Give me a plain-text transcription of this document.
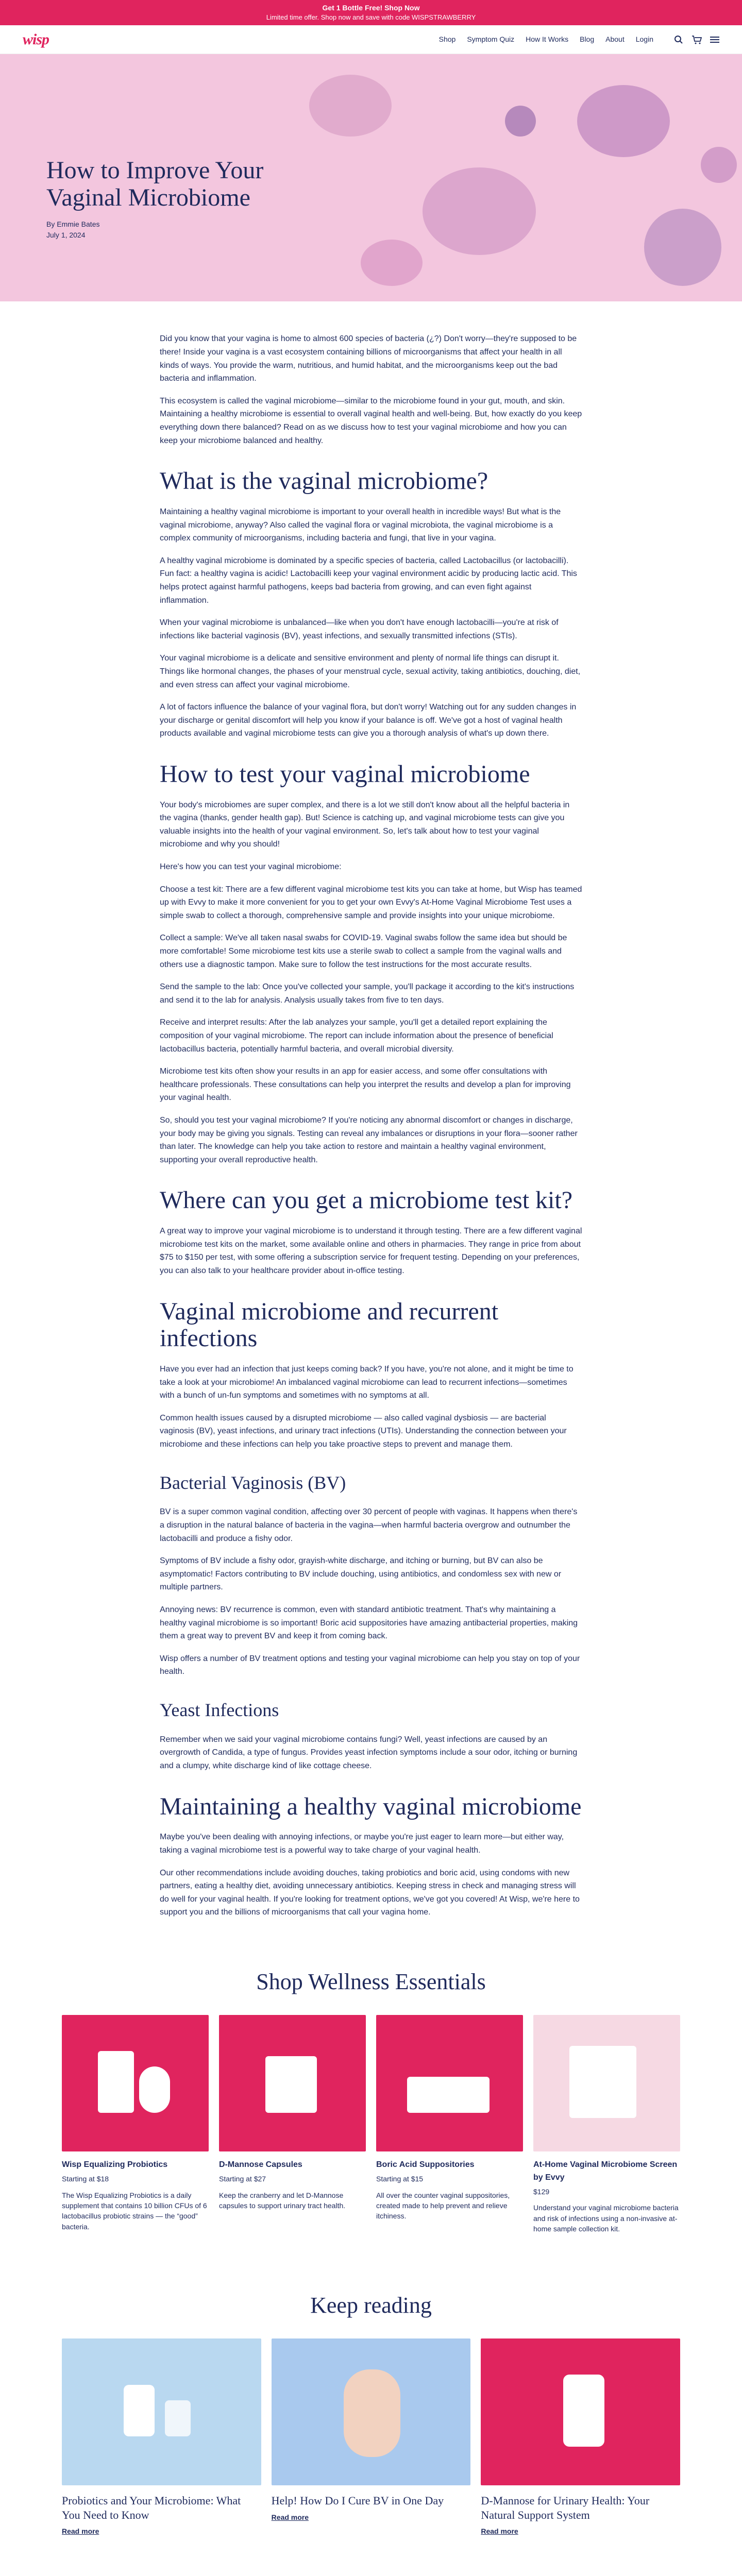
Get 1 Bottle Free! Shop Now
Limited time offer. Shop now and save with code WISPSTRAWBERRY
wisp	Shop Symptom Quiz How It Works Blog About Login
How to Improve Your Vaginal Microbiome
By Emmie Bates
July 1, 2024

Did you know that your vagina is home to almost 600 species of bacteria (¿?) Don't worry—they're supposed to be there! Inside your vagina is a vast ecosystem containing billions of microorganisms that affect your health in all kinds of ways. You provide the warm, nutritious, and humid habitat, and the microorganisms keep out the bad bacteria and inflammation.

This ecosystem is called the vaginal microbiome—similar to the microbiome found in your gut, mouth, and skin. Maintaining a healthy microbiome is essential to overall vaginal health and well-being. But, how exactly do you keep everything down there balanced? Read on as we discuss how to test your vaginal microbiome and how you can keep your microbiome balanced and healthy.

What is the vaginal microbiome?

Maintaining a healthy vaginal microbiome is important to your overall health in incredible ways! But what is the vaginal microbiome, anyway? Also called the vaginal flora or vaginal microbiota, the vaginal microbiome is a complex community of microorganisms, including bacteria and fungi, that live in your vagina.

A healthy vaginal microbiome is dominated by a specific species of bacteria, called Lactobacillus (or lactobacilli). Fun fact: a healthy vagina is acidic! Lactobacilli keep your vaginal environment acidic by producing lactic acid. This helps protect against harmful pathogens, keeps bad bacteria from growing, and can even fight against inflammation.

When your vaginal microbiome is unbalanced—like when you don't have enough lactobacilli—you're at risk of infections like bacterial vaginosis (BV), yeast infections, and sexually transmitted infections (STIs).

Your vaginal microbiome is a delicate and sensitive environment and plenty of normal life things can disrupt it. Things like hormonal changes, the phases of your menstrual cycle, sexual activity, taking antibiotics, douching, diet, and even stress can affect your vaginal microbiome.

A lot of factors influence the balance of your vaginal flora, but don't worry! Watching out for any sudden changes in your discharge or genital discomfort will help you know if your balance is off. We've got a host of vaginal health products available and vaginal microbiome tests can give you a thorough analysis of what's up down there.

How to test your vaginal microbiome

Your body's microbiomes are super complex, and there is a lot we still don't know about all the helpful bacteria in the vagina (thanks, gender health gap). But! Science is catching up, and vaginal microbiome tests can give you valuable insights into the health of your vaginal environment. So, let's talk about how to test your vaginal microbiome and why you should!

Here's how you can test your vaginal microbiome:

Choose a test kit: There are a few different vaginal microbiome test kits you can take at home, but Wisp has teamed up with Evvy to make it more convenient for you to get your own Evvy's At-Home Vaginal Microbiome Test uses a simple swab to collect a thorough, comprehensive sample and provide insights into your unique microbiome.

Collect a sample: We've all taken nasal swabs for COVID-19. Vaginal swabs follow the same idea but should be more comfortable! Some microbiome test kits use a sterile swab to collect a sample from the vaginal walls and others use a diagnostic tampon. Make sure to follow the test instructions for the most accurate results.

Send the sample to the lab: Once you've collected your sample, you'll package it according to the kit's instructions and send it to the lab for analysis. Analysis usually takes from five to ten days.

Receive and interpret results: After the lab analyzes your sample, you'll get a detailed report explaining the composition of your vaginal microbiome. The report can include information about the presence of beneficial lactobacillus bacteria, potentially harmful bacteria, and overall microbial diversity.

Microbiome test kits often show your results in an app for easier access, and some offer consultations with healthcare professionals. These consultations can help you interpret the results and develop a plan for improving your vaginal health.

So, should you test your vaginal microbiome? If you're noticing any abnormal discomfort or changes in discharge, your body may be giving you signals. Testing can reveal any imbalances or disruptions in your flora—sooner rather than later. The knowledge can help you take action to restore and maintain a healthy vaginal environment, supporting your overall reproductive health.

Where can you get a microbiome test kit?

A great way to improve your vaginal microbiome is to understand it through testing. There are a few different vaginal microbiome test kits on the market, some available online and others in pharmacies. They range in price from about $75 to $150 per test, with some offering a subscription service for frequent testing. Depending on your preferences, you can also talk to your healthcare provider about in-office testing.

Vaginal microbiome and recurrent infections

Have you ever had an infection that just keeps coming back? If you have, you're not alone, and it might be time to take a look at your microbiome! An imbalanced vaginal microbiome can lead to recurrent infections—sometimes with a bunch of un-fun symptoms and sometimes with no symptoms at all.

Common health issues caused by a disrupted microbiome — also called vaginal dysbiosis — are bacterial vaginosis (BV), yeast infections, and urinary tract infections (UTIs). Understanding the connection between your microbiome and these infections can help you take proactive steps to prevent and manage them.

Bacterial Vaginosis (BV)

BV is a super common vaginal condition, affecting over 30 percent of people with vaginas. It happens when there's a disruption in the natural balance of bacteria in the vagina—when harmful bacteria overgrow and outnumber the lactobacilli and produce a fishy odor.

Symptoms of BV include a fishy odor, grayish-white discharge, and itching or burning, but BV can also be asymptomatic! Factors contributing to BV include douching, using antibiotics, and condomless sex with new or multiple partners.

Annoying news: BV recurrence is common, even with standard antibiotic treatment. That's why maintaining a healthy vaginal microbiome is so important! Boric acid suppositories have amazing antibacterial properties, making them a great way to prevent BV and keep it from coming back.

Wisp offers a number of BV treatment options and testing your vaginal microbiome can help you stay on top of your health.

Yeast Infections

Remember when we said your vaginal microbiome contains fungi? Well, yeast infections are caused by an overgrowth of Candida, a type of fungus. Provides yeast infection symptoms include a sour odor, itching or burning and a clumpy, white discharge kind of like cottage cheese.

Maintaining a healthy vaginal microbiome

Maybe you've been dealing with annoying infections, or maybe you're just eager to learn more—but either way, taking a vaginal microbiome test is a powerful way to take charge of your vaginal health.

Our other recommendations include avoiding douches, taking probiotics and boric acid, using condoms with new partners, eating a healthy diet, avoiding unnecessary antibiotics. Keeping stress in check and managing stress will do well for your vaginal health. If you're looking for treatment options, we've got you covered! At Wisp, we're here to support you and the billions of microorganisms that call your vagina home.

Shop Wellness Essentials
Wisp Equalizing Probiotics
Starting at $18
The Wisp Equalizing Probiotics is a daily supplement that contains 10 billion CFUs of 6 lactobacillus probiotic strains — the “good” bacteria.
D-Mannose Capsules
Starting at $27
Keep the cranberry and let D-Mannose capsules to support urinary tract health.
Boric Acid Suppositories
Starting at $15
All over the counter vaginal suppositories, created made to help prevent and relieve itchiness.
At-Home Vaginal Microbiome Screen by Evvy
$129
Understand your vaginal microbiome bacteria and risk of infections using a non-invasive at-home sample collection kit.
Keep reading
Probiotics and Your Microbiome: What You Need to Know
Read more
Help! How Do I Cure BV in One Day
Read more
D-Mannose for Urinary Health: Your Natural Support System
Read more
